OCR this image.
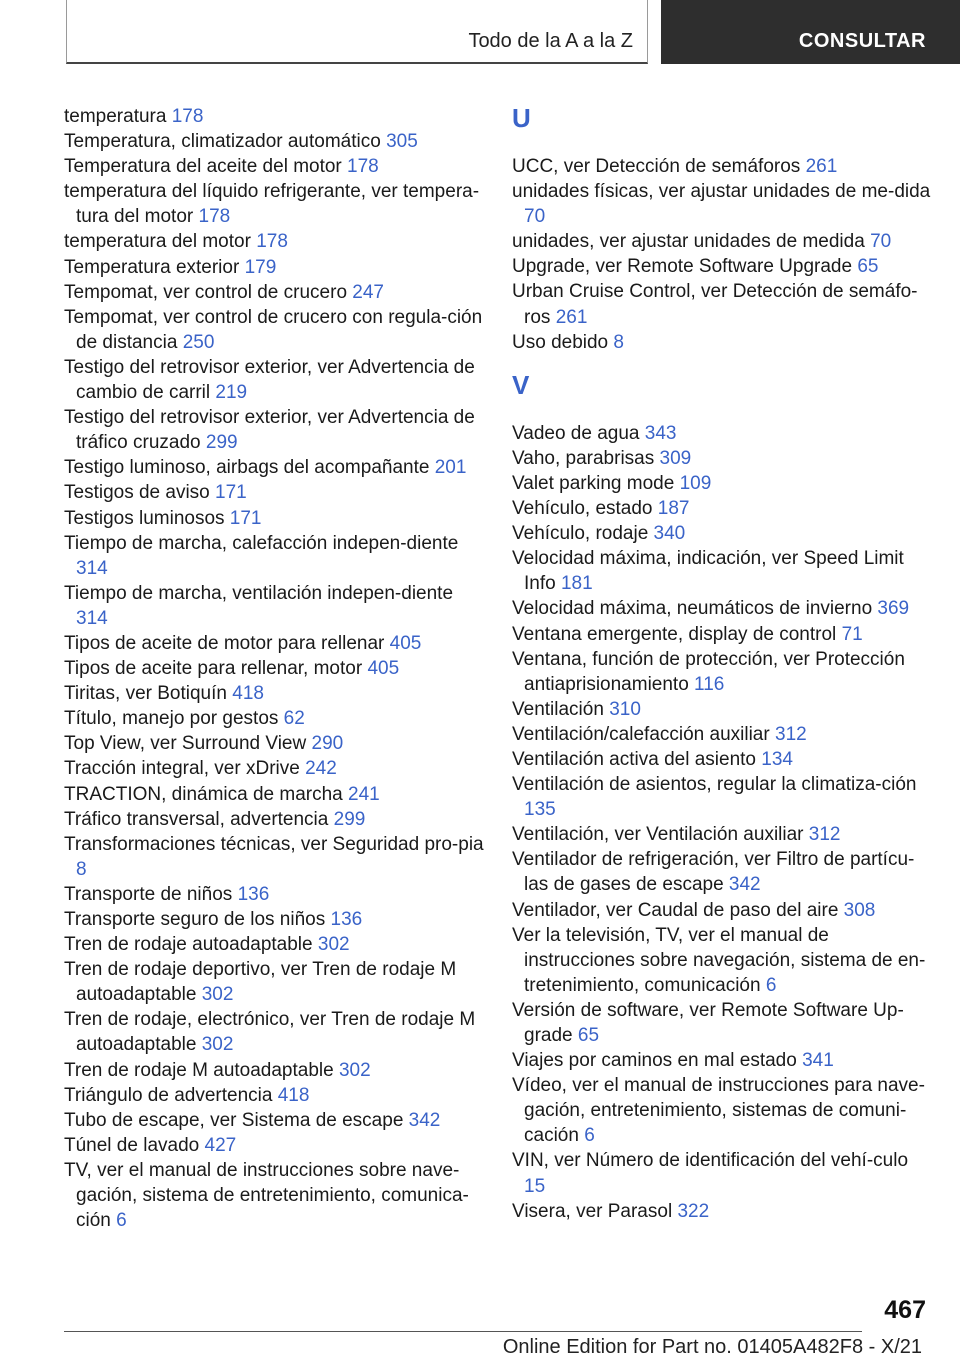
Todo de la A a la Z	CONSULTAR
temperatura 178
Temperatura, climatizador automático 305
Temperatura del aceite del motor 178
temperatura del líquido refrigerante, ver tempera-tura del motor 178
temperatura del motor 178
Temperatura exterior 179
Tempomat, ver control de crucero 247
Tempomat, ver control de crucero con regula-ción de distancia 250
Testigo del retrovisor exterior, ver Advertencia de cambio de carril 219
Testigo del retrovisor exterior, ver Advertencia de tráfico cruzado 299
Testigo luminoso, airbags del acompañante 201
Testigos de aviso 171
Testigos luminosos 171
Tiempo de marcha, calefacción indepen-diente 314
Tiempo de marcha, ventilación indepen-diente 314
Tipos de aceite de motor para rellenar 405
Tipos de aceite para rellenar, motor 405
Tiritas, ver Botiquín 418
Título, manejo por gestos 62
Top View, ver Surround View 290
Tracción integral, ver xDrive 242
TRACTION, dinámica de marcha 241
Tráfico transversal, advertencia 299
Transformaciones técnicas, ver Seguridad pro-pia 8
Transporte de niños 136
Transporte seguro de los niños 136
Tren de rodaje autoadaptable 302
Tren de rodaje deportivo, ver Tren de rodaje M autoadaptable 302
Tren de rodaje, electrónico, ver Tren de rodaje M autoadaptable 302
Tren de rodaje M autoadaptable 302
Triángulo de advertencia 418
Tubo de escape, ver Sistema de escape 342
Túnel de lavado 427
TV, ver el manual de instrucciones sobre nave-gación, sistema de entretenimiento, comunica-ción 6
U
UCC, ver Detección de semáforos 261
unidades físicas, ver ajustar unidades de me-dida 70
unidades, ver ajustar unidades de medida 70
Upgrade, ver Remote Software Upgrade 65
Urban Cruise Control, ver Detección de semáfo-ros 261
Uso debido 8
V
Vadeo de agua 343
Vaho, parabrisas 309
Valet parking mode 109
Vehículo, estado 187
Vehículo, rodaje 340
Velocidad máxima, indicación, ver Speed Limit Info 181
Velocidad máxima, neumáticos de invierno 369
Ventana emergente, display de control 71
Ventana, función de protección, ver Protección antiaprisionamiento 116
Ventilación 310
Ventilación/calefacción auxiliar 312
Ventilación activa del asiento 134
Ventilación de asientos, regular la climatiza-ción 135
Ventilación, ver Ventilación auxiliar 312
Ventilador de refrigeración, ver Filtro de partícu-las de gases de escape 342
Ventilador, ver Caudal de paso del aire 308
Ver la televisión, TV, ver el manual de instrucciones sobre navegación, sistema de en-tretenimiento, comunicación 6
Versión de software, ver Remote Software Up-grade 65
Viajes por caminos en mal estado 341
Vídeo, ver el manual de instrucciones para nave-gación, entretenimiento, sistemas de comuni-cación 6
VIN, ver Número de identificación del vehí-culo 15
Visera, ver Parasol 322
467
Online Edition for Part no. 01405A482F8 - X/21
